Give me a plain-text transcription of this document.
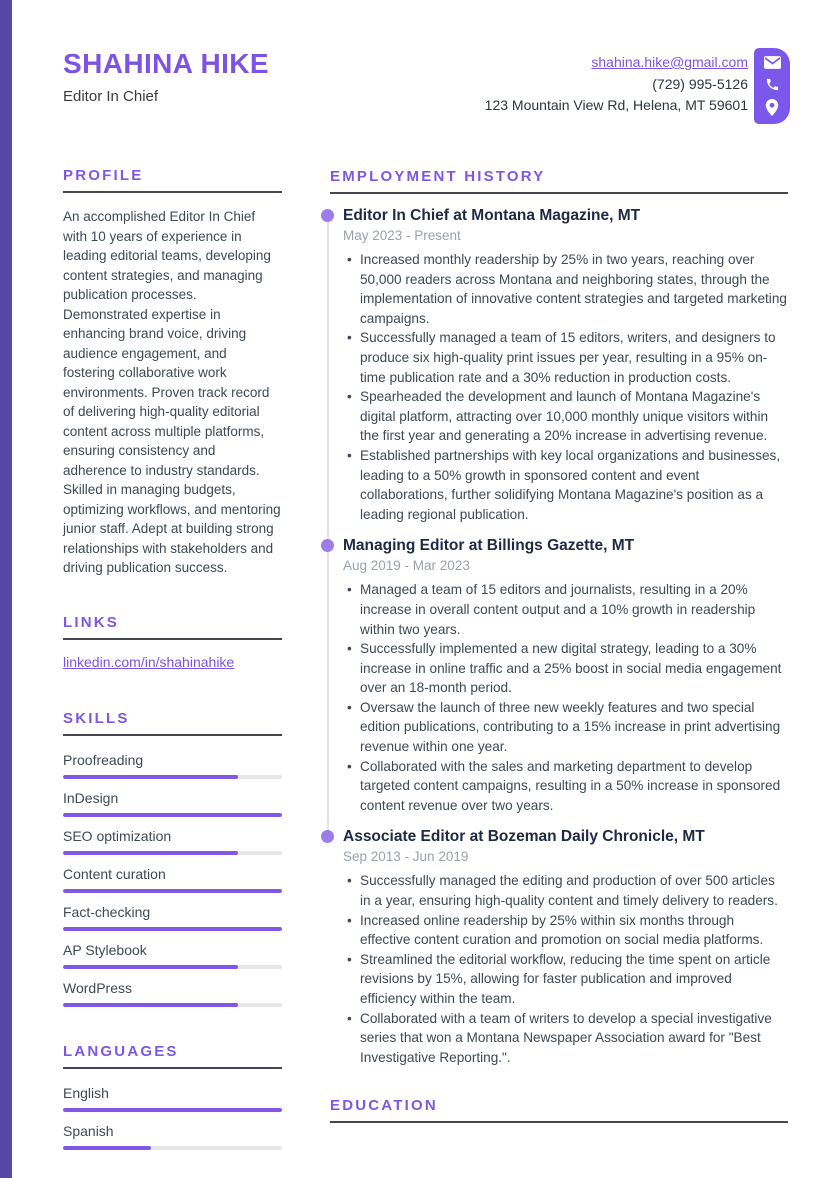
SHAHINA HIKE
Editor In Chief
shahina.hike@gmail.com
(729) 995-5126
123 Mountain View Rd, Helena, MT 59601
PROFILE
An accomplished Editor In Chief with 10 years of experience in leading editorial teams, developing content strategies, and managing publication processes. Demonstrated expertise in enhancing brand voice, driving audience engagement, and fostering collaborative work environments. Proven track record of delivering high-quality editorial content across multiple platforms, ensuring consistency and adherence to industry standards. Skilled in managing budgets, optimizing workflows, and mentoring junior staff. Adept at building strong relationships with stakeholders and driving publication success.
LINKS
linkedin.com/in/shahinahike
SKILLS
Proofreading
InDesign
SEO optimization
Content curation
Fact-checking
AP Stylebook
WordPress
LANGUAGES
English
Spanish
EMPLOYMENT HISTORY
Editor In Chief at Montana Magazine, MT
May 2023 - Present
• Increased monthly readership by 25% in two years, reaching over 50,000 readers across Montana and neighboring states, through the implementation of innovative content strategies and targeted marketing campaigns.
• Successfully managed a team of 15 editors, writers, and designers to produce six high-quality print issues per year, resulting in a 95% on-time publication rate and a 30% reduction in production costs.
• Spearheaded the development and launch of Montana Magazine's digital platform, attracting over 10,000 monthly unique visitors within the first year and generating a 20% increase in advertising revenue.
• Established partnerships with key local organizations and businesses, leading to a 50% growth in sponsored content and event collaborations, further solidifying Montana Magazine's position as a leading regional publication.
Managing Editor at Billings Gazette, MT
Aug 2019 - Mar 2023
• Managed a team of 15 editors and journalists, resulting in a 20% increase in overall content output and a 10% growth in readership within two years.
• Successfully implemented a new digital strategy, leading to a 30% increase in online traffic and a 25% boost in social media engagement over an 18-month period.
• Oversaw the launch of three new weekly features and two special edition publications, contributing to a 15% increase in print advertising revenue within one year.
• Collaborated with the sales and marketing department to develop targeted content campaigns, resulting in a 50% increase in sponsored content revenue over two years.
Associate Editor at Bozeman Daily Chronicle, MT
Sep 2013 - Jun 2019
• Successfully managed the editing and production of over 500 articles in a year, ensuring high-quality content and timely delivery to readers.
• Increased online readership by 25% within six months through effective content curation and promotion on social media platforms.
• Streamlined the editorial workflow, reducing the time spent on article revisions by 15%, allowing for faster publication and improved efficiency within the team.
• Collaborated with a team of writers to develop a special investigative series that won a Montana Newspaper Association award for "Best Investigative Reporting.".
EDUCATION
